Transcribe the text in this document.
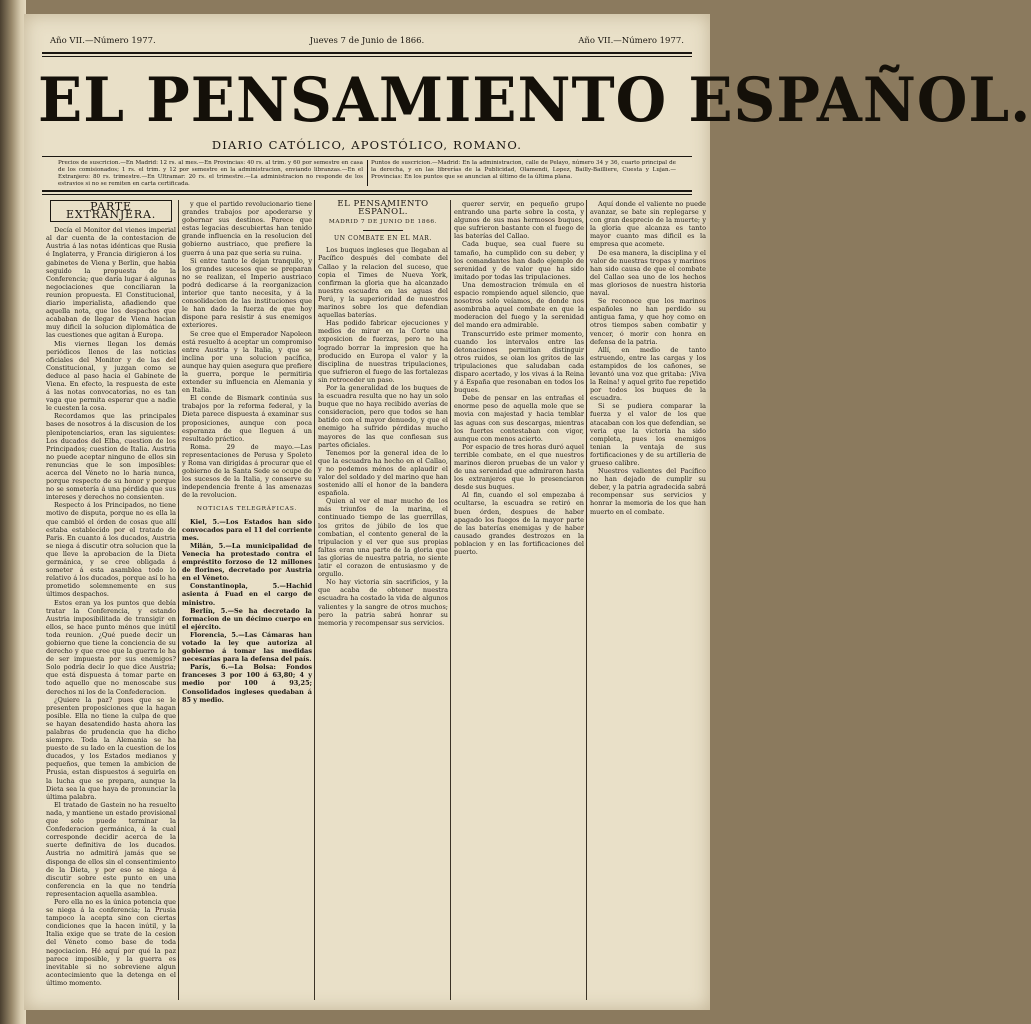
Año VII.—Número 1977.	Jueves 7 de Junio de 1866.	Año VII.—Número 1977.
EL PENSAMIENTO ESPAÑOL.
DIARIO CATÓLICO, APOSTÓLICO, ROMANO.

Precios de suscricion.—En Madrid: 12 rs. al mes.—En Provincias: 40 rs. al trim. y 60 por semestre en casa de los comisionados; 1 rs. el trim. y 12 por semestre en la administracion, enviando libranzas.—En el Extranjero: 80 rs. trimestre.—En Ultramar: 20 rs. el trimestre.—La administracion no responde de los estravios si no se remiten en carta certificada.

Puntos de suscricion.—Madrid: En la administracion, calle de Pelayo, número 34 y 36, cuarto principal de la derecha, y en las librerías de la Publicidad, Olamendi, Lopez, Bailly-Bailliere, Cuesta y Lujan.—Provincias: En los puntos que se anuncian al último de la última plana.

PARTE EXTRANJERA.

Decía el Monitor del vienes imperial al dar cuenta de la contestacion de Austria á las notas idénticas que Rusia é Inglaterra, y Francia dirigieron á los gabinetes de Viena y Berlin, que habia seguido la propuesta de la Conferencia; que daría lugar á algunas negociaciones que conciliaran la reunion propuesta. El Constitucional, diario imperialista, añadiendo que aquella nota, que los despachos que acababan de llegar de Viena hacian muy dificil la solucion diplomática de las cuestiones que agitan á Europa.

Mis viernes llegan los demás periódicos llenos de las noticias oficiales del Monitor y de las del Constitucional, y juzgan como se deduce al paso hacia el Gabinete de Viena. En efecto, la respuesta de este á las notas convocatorias, no es tan vaga que permita esperar que a nadie le cuesten la cosa.

Recordamos que las principales bases de nosotros á la discusion de los plenipotenciarios, eran las siguientes: Los ducados del Elba, cuestion de los Principados; cuestion de Italia. Austria no puede aceptar ninguno de ellos sin renuncias que le son imposibles: acerca del Véneto no lo haria nunca, porque respecto de su honor y porque no se sometería á una pérdida que sus intereses y derechos no consienten.

Respecto á los Principados, no tiene motivo de disputa, porque no es ella la que cambió el órden de cosas que allí estaba establecido por el tratado de Paris. En cuanto á los ducados, Austria se niega á discutir otra solucion que la que lleve la aprobacion de la Dieta germánica, y se cree obligada á someter á esta asamblea todo lo relativo á los ducados, porque así lo ha prometido solemnemente en sus últimos despachos.

Estos eran ya los puntos que debía tratar la Conferencia, y estando Austria imposibilitada de transigir en ellos, se hace punto ménos que inútil toda reunion. ¿Qué puede decir un gobierno que tiene la conciencia de su derecho y que cree que la guerra le ha de ser impuesta por sus enemigos? Solo podría decir lo que dice Austria; que está dispuesta á tomar parte en todo aquello que no menoscabe sus derechos ni los de la Confederacion.

¿Quiere la paz? pues que se le presenten proposiciones que la hagan posible. Ella no tiene la culpa de que se hayan desatendido hasta ahora las palabras de prudencia que ha dicho siempre. Toda la Alemania se ha puesto de su lado en la cuestion de los ducados, y los Estados medianos y pequeños, que temen la ambicion de Prusia, estan dispuestos á seguirla en la lucha que se prepara, aunque la Dieta sea la que haya de pronunciar la última palabra.

El tratado de Gastein no ha resuelto nada, y mantiene un estado provisional que solo puede terminar la Confederacion germánica, á la cual corresponde decidir acerca de la suerte definitiva de los ducados. Austria no admitirá jamás que se disponga de ellos sin el consentimiento de la Dieta, y por eso se niega á discutir sobre este punto en una conferencia en la que no tendría representacion aquella asamblea.

Pero ella no es la única potencia que se niega á la conferencia; la Prusia tampoco la acepta sino con ciertas condiciones que la hacen inútil, y la Italia exige que se trate de la cesion del Véneto como base de toda negociacion. Hé aquí por qué la paz parece imposible, y la guerra es inevitable si no sobreviene algun acontecimiento que la detenga en el último momento.

y que el partido revolucionario tiene grandes trabajos por apoderarse y gobernar sus destinos. Parece que estas legacias descubiertas han tenido grande influencia en la resolucion del gobierno austriaco, que prefiere la guerra á una paz que seria su ruina.

Si entre tanto le dejan tranquilo, y los grandes sucesos que se preparan no se realizan, el Imperio austriaco podrá dedicarse á la reorganizacion interior que tanto necesita, y á la consolidacion de las instituciones que le han dado la fuerza de que hoy dispone para resistir á sus enemigos exteriores.

Se cree que el Emperador Napoleon está resuelto á aceptar un compromiso entre Austria y la Italia, y que se inclina por una solucion pacífica, aunque hay quien asegura que prefiere la guerra, porque le permitiria extender su influencia en Alemania y en Italia.

El conde de Bismark continúa sus trabajos por la reforma federal, y la Dieta parece dispuesta á examinar sus proposiciones, aunque con poca esperanza de que lleguen á un resultado práctico.

Roma. 29 de mayo.—Las representaciones de Perusa y Spoleto y Roma van dirigidas á procurar que el gobierno de la Santa Sede se ocupe de los sucesos de la Italia, y conserve su independencia frente á las amenazas de la revolucion.

NOTICIAS TELEGRÁFICAS.

Kiel, 5.—Los Estados han sido convocados para el 11 del corriente mes.

Milán, 5.—La municipalidad de Venecia ha protestado contra el empréstito forzoso de 12 millones de florines, decretado por Austria en el Véneto.

Constantinopla, 5.—Hachid asienta á Fuad en el cargo de ministro.

Berlín, 5.—Se ha decretado la formacion de un décimo cuerpo en el ejército.

Florencia, 5.—Las Cámaras han votado la ley que autoriza al gobierno á tomar las medidas necesarias para la defensa del país.

París, 6.—La Bolsa: Fondos franceses 3 por 100 á 63,80; 4 y medio por 100 á 93,25; Consolidados ingleses quedaban á 85 y medio.

EL PENSAMIENTO ESPAÑOL.
MADRID 7 DE JUNIO DE 1866.
UN COMBATE EN EL MAR.

Los buques ingleses que llegaban al Pacífico después del combate del Callao y la relacion del suceso, que copia el Times de Nueva York, confirman la gloria que ha alcanzado nuestra escuadra en las aguas del Perú, y la superioridad de nuestros marinos sobre los que defendian aquellas baterías.

Has podido fabricar ejecuciones y medios de mirar en la Corte una exposicion de fuerzas, pero no ha logrado borrar la impresion que ha producido en Europa el valor y la disciplina de nuestras tripulaciones, que sufrieron el fuego de las fortalezas sin retroceder un paso.

Por la generalidad de los buques de la escuadra resulta que no hay un solo buque que no haya recibido averías de consideracion, pero que todos se han batido con el mayor denuedo, y que el enemigo ha sufrido pérdidas mucho mayores de las que confiesan sus partes oficiales.

Tenemos por la general idea de lo que la escuadra ha hecho en el Callao, y no podemos ménos de aplaudir el valor del soldado y del marino que han sostenido allí el honor de la bandera española.

Quien al ver el mar mucho de los más triunfos de la marina, el continuado tiempo de las guerrillas, los gritos de júbilo de los que combatian, el contento general de la tripulacion y el ver que sus propias faltas eran una parte de la gloria que las glorias de nuestra patria, no siente latir el corazon de entusiasmo y de orgullo.

No hay victoria sin sacrificios, y la que acaba de obtener nuestra escuadra ha costado la vida de algunos valientes y la sangre de otros muchos; pero la patria sabrá honrar su memoria y recompensar sus servicios.

querer servir, en pequeño grupo entrando una parte sobre la costa, y algunos de sus mas hermosos buques, que sufrieron bastante con el fuego de las baterías del Callao.

Cada buque, sea cual fuere su tamaño, ha cumplido con su deber, y los comandantes han dado ejemplo de serenidad y de valor que ha sido imitado por todas las tripulaciones.

Una demostracion trémula en el espacio rompiendo aquel silencio, que nosotros solo veíamos, de donde nos asombraba aquel combate en que la moderacion del fuego y la serenidad del mando era admirable.

Transcurrido este primer momento, cuando los intervalos entre las detonaciones permitian distinguir otros ruidos, se oian los gritos de las tripulaciones que saludaban cada disparo acertado, y los vivas á la Reina y á España que resonaban en todos los buques.

Debe de pensar en las entrañas el enorme peso de aquella mole que se movia con majestad y hacia temblar las aguas con sus descargas, mientras los fuertes contestaban con vigor, aunque con menos acierto.

Por espacio de tres horas duró aquel terrible combate, en el que nuestros marinos dieron pruebas de un valor y de una serenidad que admiraron hasta los extranjeros que lo presenciaron desde sus buques.

Al fin, cuando el sol empezaba á ocultarse, la escuadra se retiró en buen órden, despues de haber apagado los fuegos de la mayor parte de las baterías enemigas y de haber causado grandes destrozos en la poblacion y en las fortificaciones del puerto.

Aquí donde el valiente no puede avanzar, se bate sin replegarse y con gran desprecio de la muerte; y la gloria que alcanza es tanto mayor cuanto mas dificil es la empresa que acomete.

De esa manera, la disciplina y el valor de nuestras tropas y marinos han sido causa de que el combate del Callao sea uno de los hechos mas gloriosos de nuestra historia naval.

Se reconoce que los marinos españoles no han perdido su antigua fama, y que hoy como en otros tiempos saben combatir y vencer, ó morir con honra en defensa de la patria.

Allí, en medio de tanto estruendo, entre las cargas y los estampidos de los cañones, se levantó una voz que gritaba: ¡Viva la Reina! y aquel grito fue repetido por todos los buques de la escuadra.

Si se pudiera comparar la fuerza y el valor de los que atacaban con los que defendian, se veria que la victoria ha sido completa, pues los enemigos tenian la ventaja de sus fortificaciones y de su artilleria de grueso calibre.

Nuestros valientes del Pacífico no han dejado de cumplir su deber, y la patria agradecida sabrá recompensar sus servicios y honrar la memoria de los que han muerto en el combate.
